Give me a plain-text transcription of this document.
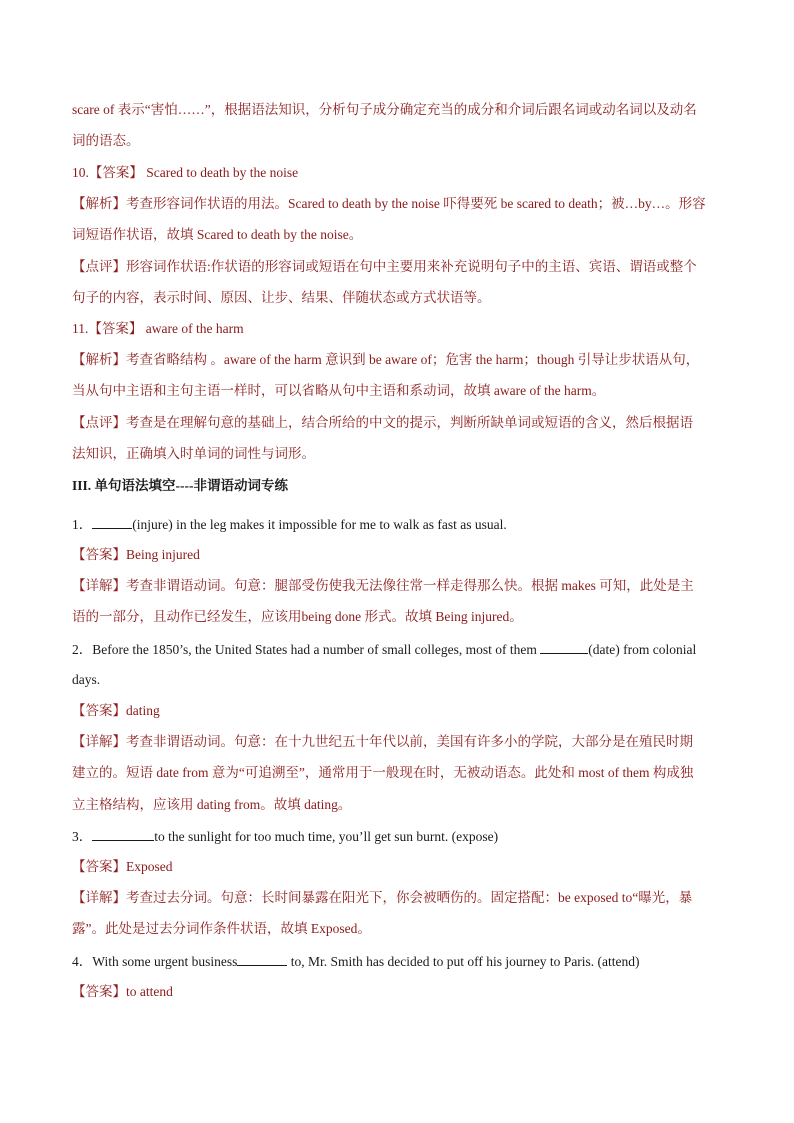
scare of 表示“害怕……”，根据语法知识，分析句子成分确定充当的成分和介词后跟名词或动名词以及动名
词的语态。
10.【答案】 Scared to death by the noise
【解析】考查形容词作状语的用法。Scared to death by the noise 吓得要死 be scared to death；被…by…。形容
词短语作状语，故填 Scared to death by the noise。
【点评】形容词作状语:作状语的形容词或短语在句中主要用来补充说明句子中的主语、宾语、谓语或整个
句子的内容，表示时间、原因、让步、结果、伴随状态或方式状语等。
11.【答案】 aware of the harm
【解析】考查省略结构 。aware of the harm 意识到 be aware of；危害 the harm；though 引导让步状语从句，
当从句中主语和主句主语一样时，可以省略从句中主语和系动词，故填 aware of the harm。
【点评】考查是在理解句意的基础上，结合所给的中文的提示，判断所缺单词或短语的含义，然后根据语
法知识，正确填入时单词的词性与词形。
III. 单句语法填空----非谓语动词专练
1．	(injure) in the leg makes it impossible for me to walk as fast as usual.
【答案】Being injured
【详解】考查非谓语动词。句意：腿部受伤使我无法像往常一样走得那么快。根据 makes 可知，此处是主
语的一部分，且动作已经发生，应该用being done 形式。故填 Being injured。
2．Before the 1850’s, the United States had a number of small colleges, most of them	(date) from colonial
days.
【答案】dating
【详解】考查非谓语动词。句意：在十九世纪五十年代以前，美国有许多小的学院，大部分是在殖民时期
建立的。短语 date from 意为“可追溯至”，通常用于一般现在时，无被动语态。此处和 most of them 构成独
立主格结构，应该用 dating from。故填 dating。
3．	to the sunlight for too much time, you’ll get sun burnt. (expose)
【答案】Exposed
【详解】考查过去分词。句意：长时间暴露在阳光下，你会被晒伤的。固定搭配：be exposed to“曝光，暴
露”。此处是过去分词作条件状语，故填 Exposed。
4．With some urgent business	to, Mr. Smith has decided to put off his journey to Paris. (attend)
【答案】to attend
